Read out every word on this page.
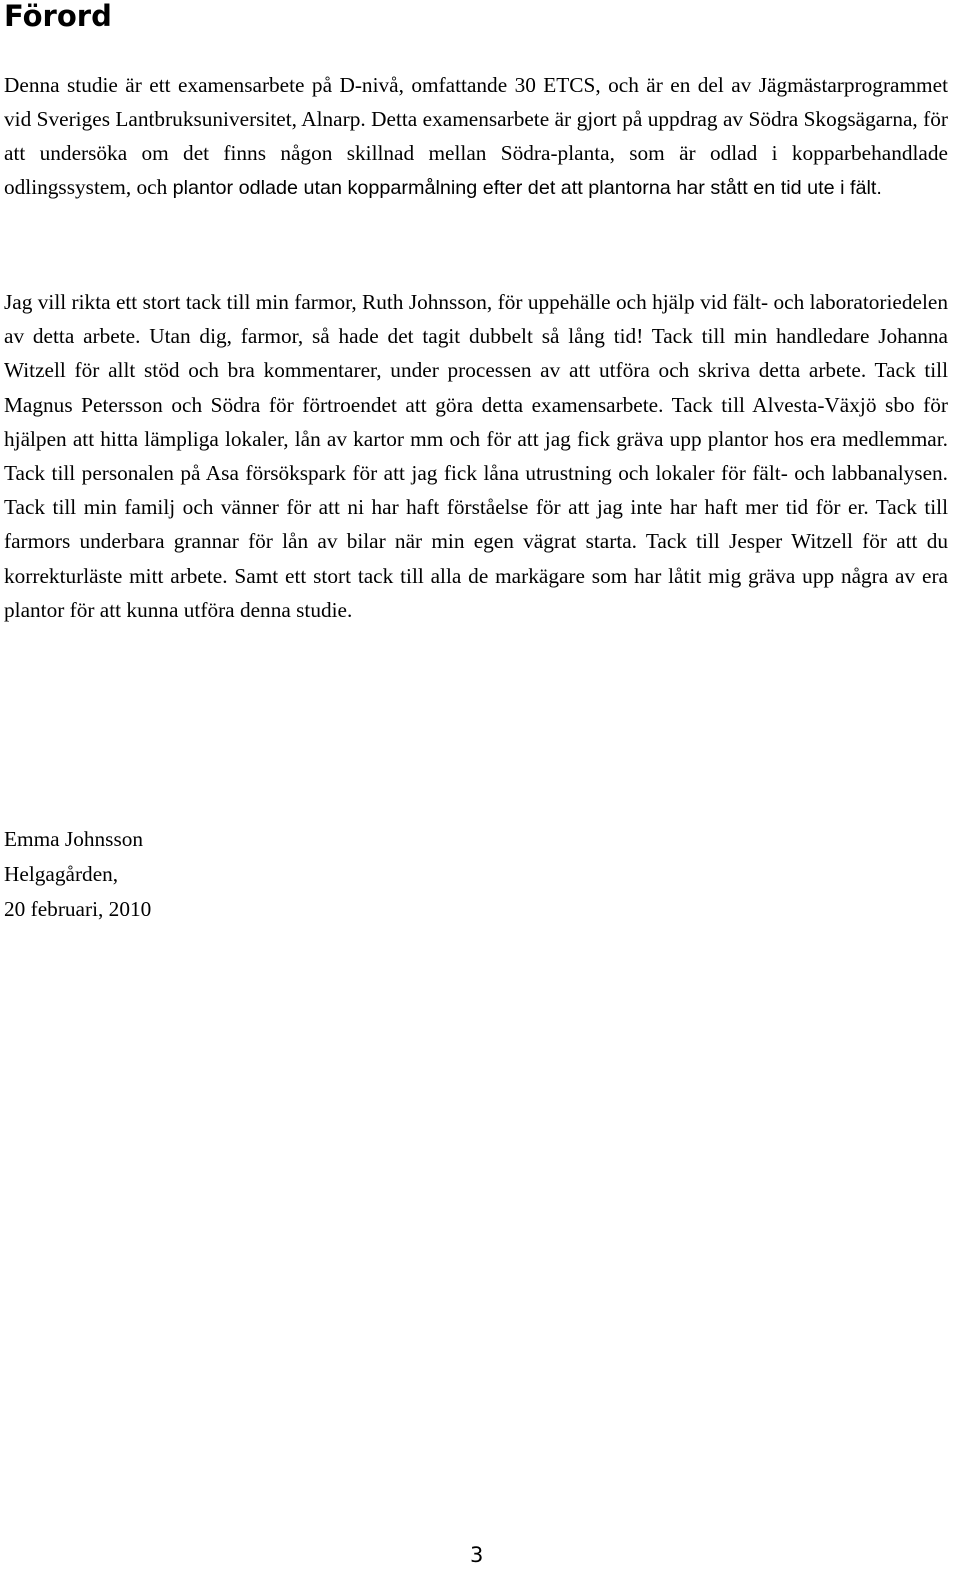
Förord

Denna studie är ett examensarbete på D-nivå, omfattande 30 ETCS, och är en del av Jägmästarprogrammet vid Sveriges Lantbruksuniversitet, Alnarp. Detta examensarbete är gjort på uppdrag av Södra Skogsägarna, för att undersöka om det finns någon skillnad mellan Södra-planta, som är odlad i kopparbehandlade odlingssystem, och plantor odlade utan kopparmålning efter det att plantorna har stått en tid ute i fält.

Jag vill rikta ett stort tack till min farmor, Ruth Johnsson, för uppehälle och hjälp vid fält- och laboratoriedelen av detta arbete. Utan dig, farmor, så hade det tagit dubbelt så lång tid! Tack till min handledare Johanna Witzell för allt stöd och bra kommentarer, under processen av att utföra och skriva detta arbete. Tack till Magnus Petersson och Södra för förtroendet att göra detta examensarbete. Tack till Alvesta-Växjö sbo för hjälpen att hitta lämpliga lokaler, lån av kartor mm och för att jag fick gräva upp plantor hos era medlemmar. Tack till personalen på Asa försökspark för att jag fick låna utrustning och lokaler för fält- och labbanalysen. Tack till min familj och vänner för att ni har haft förståelse för att jag inte har haft mer tid för er. Tack till farmors underbara grannar för lån av bilar när min egen vägrat starta. Tack till Jesper Witzell för att du korrekturläste mitt arbete. Samt ett stort tack till alla de markägare som har låtit mig gräva upp några av era plantor för att kunna utföra denna studie.

Emma Johnsson
Helgagården,
20 februari, 2010
3
